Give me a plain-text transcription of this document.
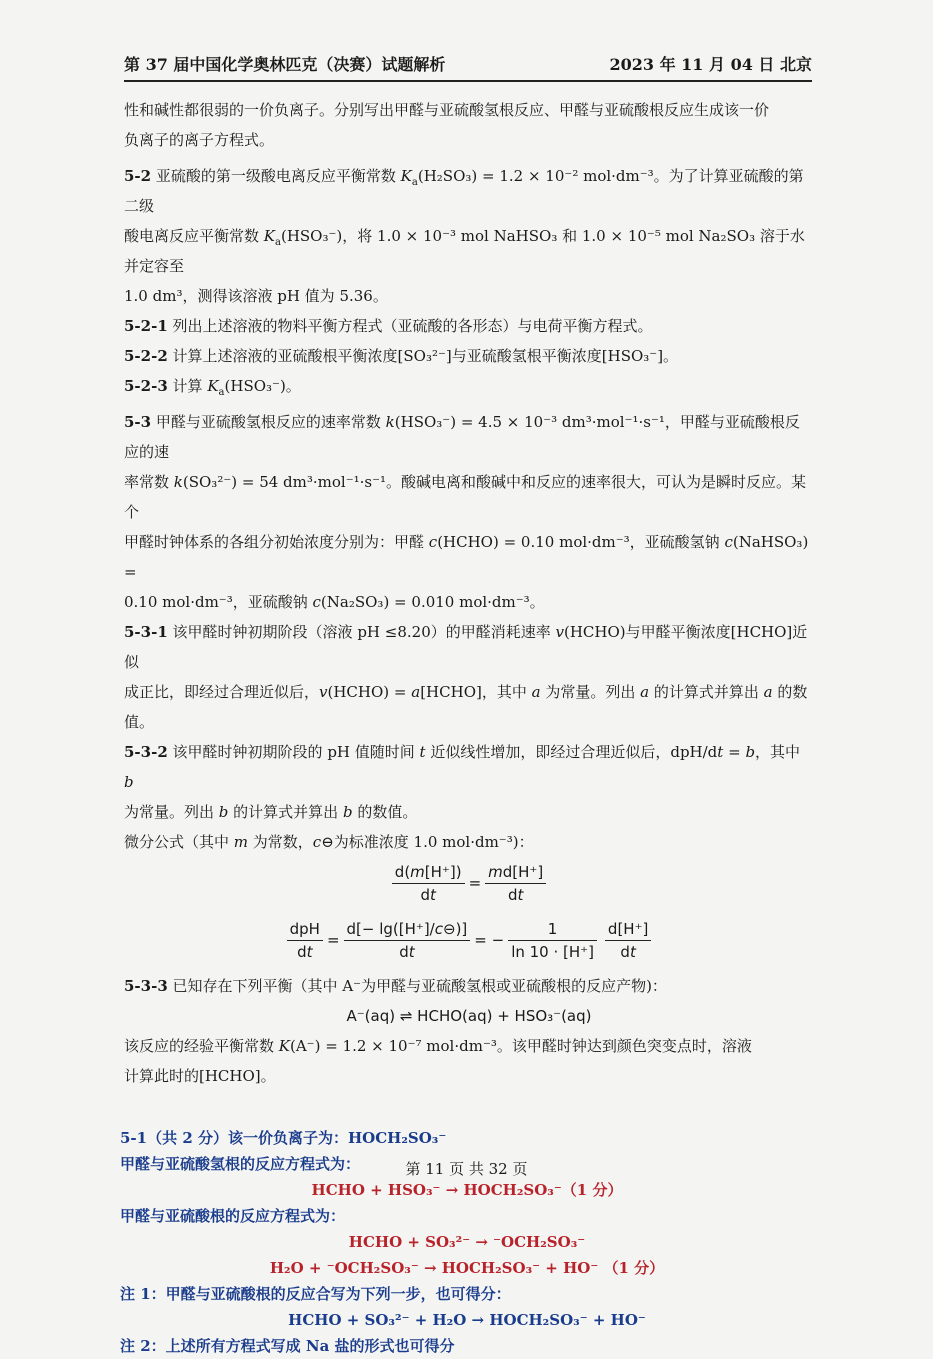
第 37 届中国化学奥林匹克（决赛）试题解析	2023 年 11 月 04 日 北京

性和碱性都很弱的一价负离子。分别写出甲醛与亚硫酸氢根反应、甲醛与亚硫酸根反应生成该一价

负离子的离子方程式。

5-2 亚硫酸的第一级酸电离反应平衡常数 $K_a(H_2SO_3) = 1.2 \times 10^{-2}$ mol·dm⁻³。为了计算亚硫酸的第二级

酸电离反应平衡常数 $K_a(HSO_3^-)$，将 1.0 × 10⁻³ mol NaHSO₃ 和 1.0 × 10⁻⁵ mol Na₂SO₃ 溶于水并定容至

1.0 dm³，测得该溶液 pH 值为 5.36。

5-2-1 列出上述溶液的物料平衡方程式（亚硫酸的各形态）与电荷平衡方程式。

5-2-2 计算上述溶液的亚硫酸根平衡浓度[SO₃²⁻]与亚硫酸氢根平衡浓度[HSO₃⁻]。

5-2-3 计算 $K_a(HSO_3^-)$。

5-3 甲醛与亚硫酸氢根反应的速率常数 k(HSO₃⁻) = 4.5 × 10⁻³ dm³·mol⁻¹·s⁻¹，甲醛与亚硫酸根反应的速

率常数 k(SO₃²⁻) = 54 dm³·mol⁻¹·s⁻¹。酸碱电离和酸碱中和反应的速率很大，可认为是瞬时反应。某个

甲醛时钟体系的各组分初始浓度分别为：甲醛 c(HCHO) = 0.10 mol·dm⁻³，亚硫酸氢钠 c(NaHSO₃) =

0.10 mol·dm⁻³，亚硫酸钠 c(Na₂SO₃) = 0.010 mol·dm⁻³。

5-3-1 该甲醛时钟初期阶段（溶液 pH ≤8.20）的甲醛消耗速率 v(HCHO)与甲醛平衡浓度[HCHO]近似

成正比，即经过合理近似后，v(HCHO) = a[HCHO]，其中 a 为常量。列出 a 的计算式并算出 a 的数

值。

5-3-2 该甲醛时钟初期阶段的 pH 值随时间 t 近似线性增加，即经过合理近似后，dpH/dt = b，其中 b

为常量。列出 b 的计算式并算出 b 的数值。

微分公式（其中 m 为常数，c⊖为标准浓度 1.0 mol·dm⁻³)：

$\frac{d(m[H^+])}{dt} = \frac{md[H^+]}{dt}$
$\frac{\text{dpH}}{dt} = \frac{d[- \lg([H^+]/c⊖)]}{dt}$ = − $\frac{1}{\ln 10 \cdot [H^+]} \frac{d[H^+]}{dt}$

5-3-3 已知存在下列平衡（其中 A⁻为甲醛与亚硫酸氢根或亚硫酸根的反应产物)：

A⁻(aq) ⇌ HCHO(aq) + HSO₃⁻(aq)

该反应的经验平衡常数 K(A⁻) = 1.2 × 10⁻⁷ mol·dm⁻³。该甲醛时钟达到颜色突变点时，溶液

计算此时的[HCHO]。

5-1（共 2 分）该一价负离子为：HOCH₂SO₃⁻

甲醛与亚硫酸氢根的反应方程式为：

HCHO + HSO₃⁻ → HOCH₂SO₃⁻（1 分）

甲醛与亚硫酸根的反应方程式为：

HCHO + SO₃²⁻ → ⁻OCH₂SO₃⁻

H₂O + ⁻OCH₂SO₃⁻ → HOCH₂SO₃⁻ + HO⁻ （1 分）

注 1：甲醛与亚硫酸根的反应合写为下列一步，也可得分：

HCHO + SO₃²⁻ + H₂O → HOCH₂SO₃⁻ + HO⁻

注 2：上述所有方程式写成 Na 盐的形式也可得分

第 11 页 共 32 页
